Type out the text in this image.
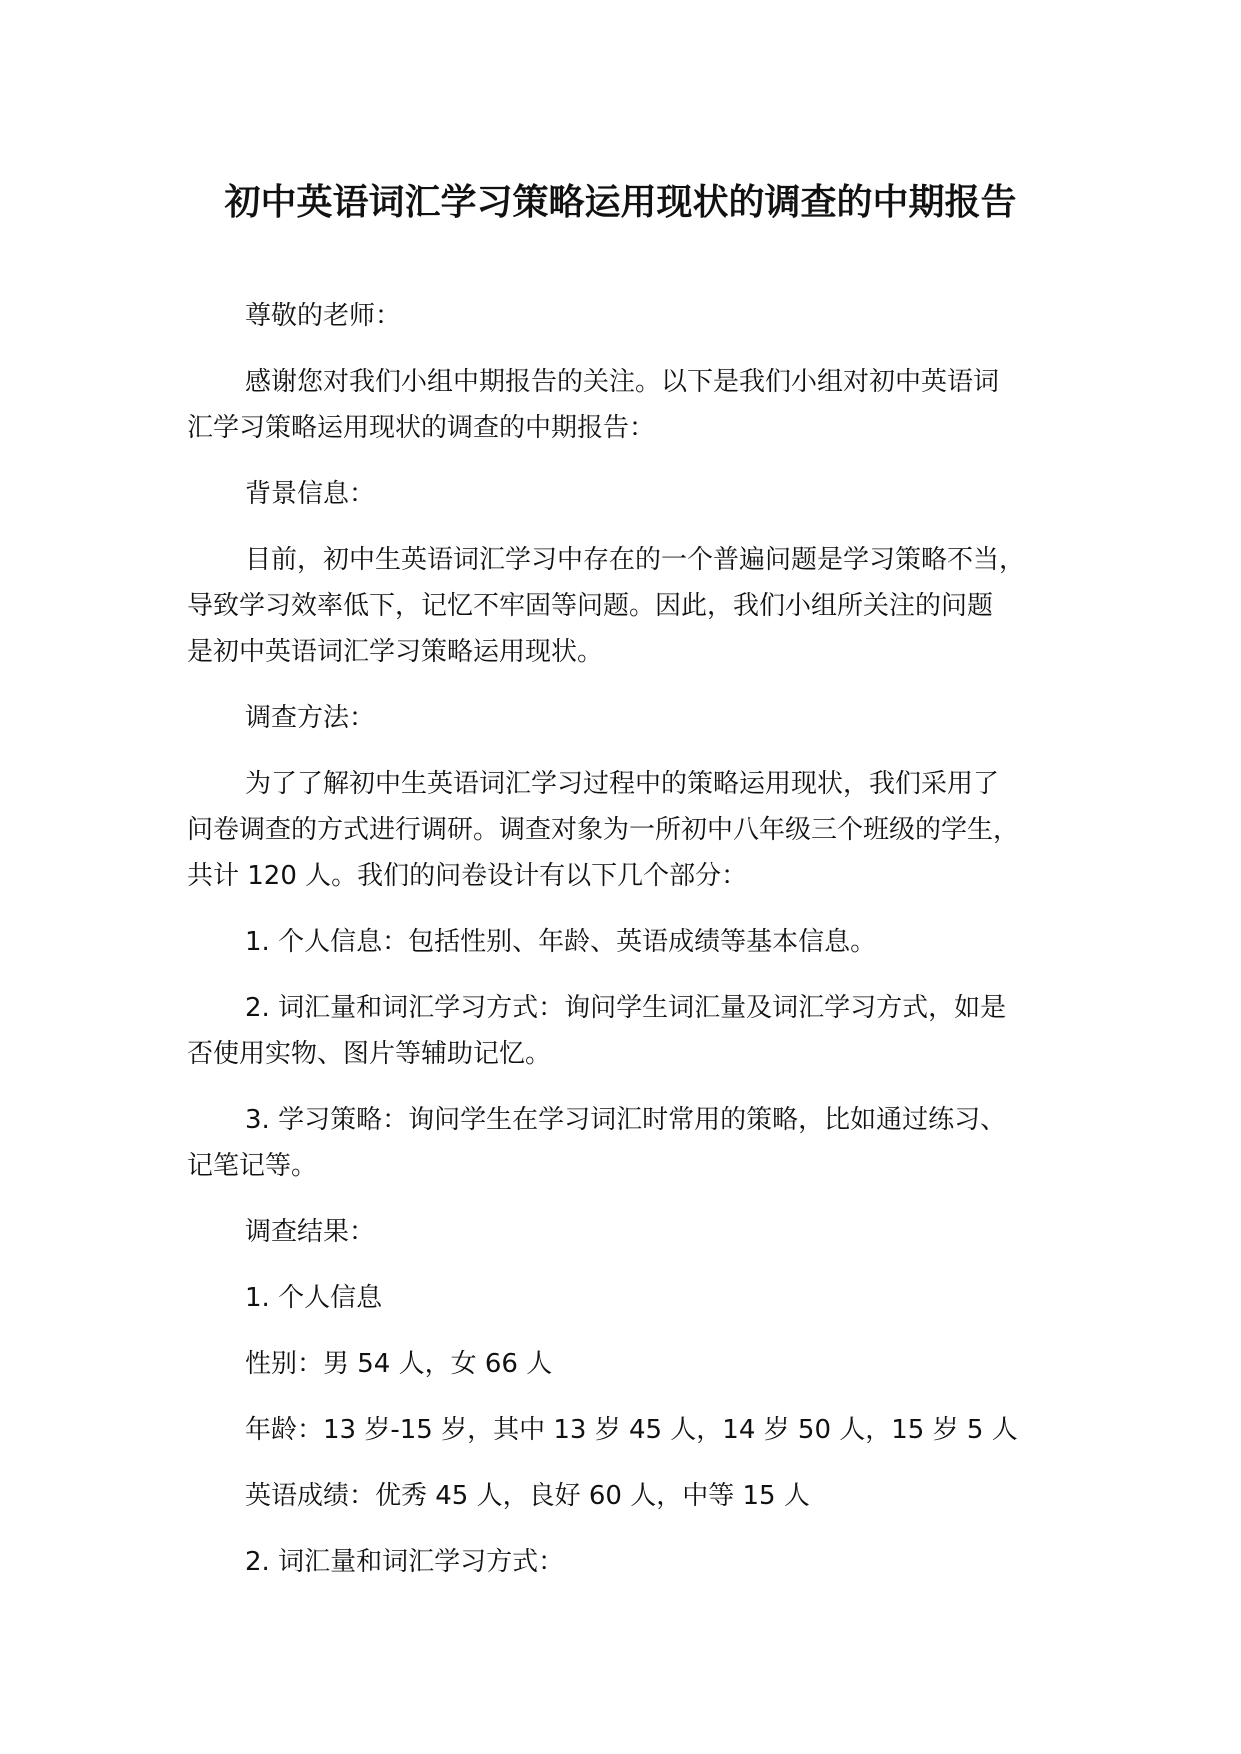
初中英语词汇学习策略运用现状的调查的中期报告
尊敬的老师：
感谢您对我们小组中期报告的关注。以下是我们小组对初中英语词
汇学习策略运用现状的调查的中期报告：
背景信息：
目前，初中生英语词汇学习中存在的一个普遍问题是学习策略不当，
导致学习效率低下，记忆不牢固等问题。因此，我们小组所关注的问题
是初中英语词汇学习策略运用现状。
调查方法：
为了了解初中生英语词汇学习过程中的策略运用现状，我们采用了
问卷调查的方式进行调研。调查对象为一所初中八年级三个班级的学生，
共计 120 人。我们的问卷设计有以下几个部分：
1. 个人信息：包括性别、年龄、英语成绩等基本信息。
2. 词汇量和词汇学习方式：询问学生词汇量及词汇学习方式，如是
否使用实物、图片等辅助记忆。
3. 学习策略：询问学生在学习词汇时常用的策略，比如通过练习、
记笔记等。
调查结果：
1. 个人信息
性别：男 54 人，女 66 人
年龄：13 岁-15 岁，其中 13 岁 45 人，14 岁 50 人，15 岁 5 人
英语成绩：优秀 45 人，良好 60 人，中等 15 人
2. 词汇量和词汇学习方式：
